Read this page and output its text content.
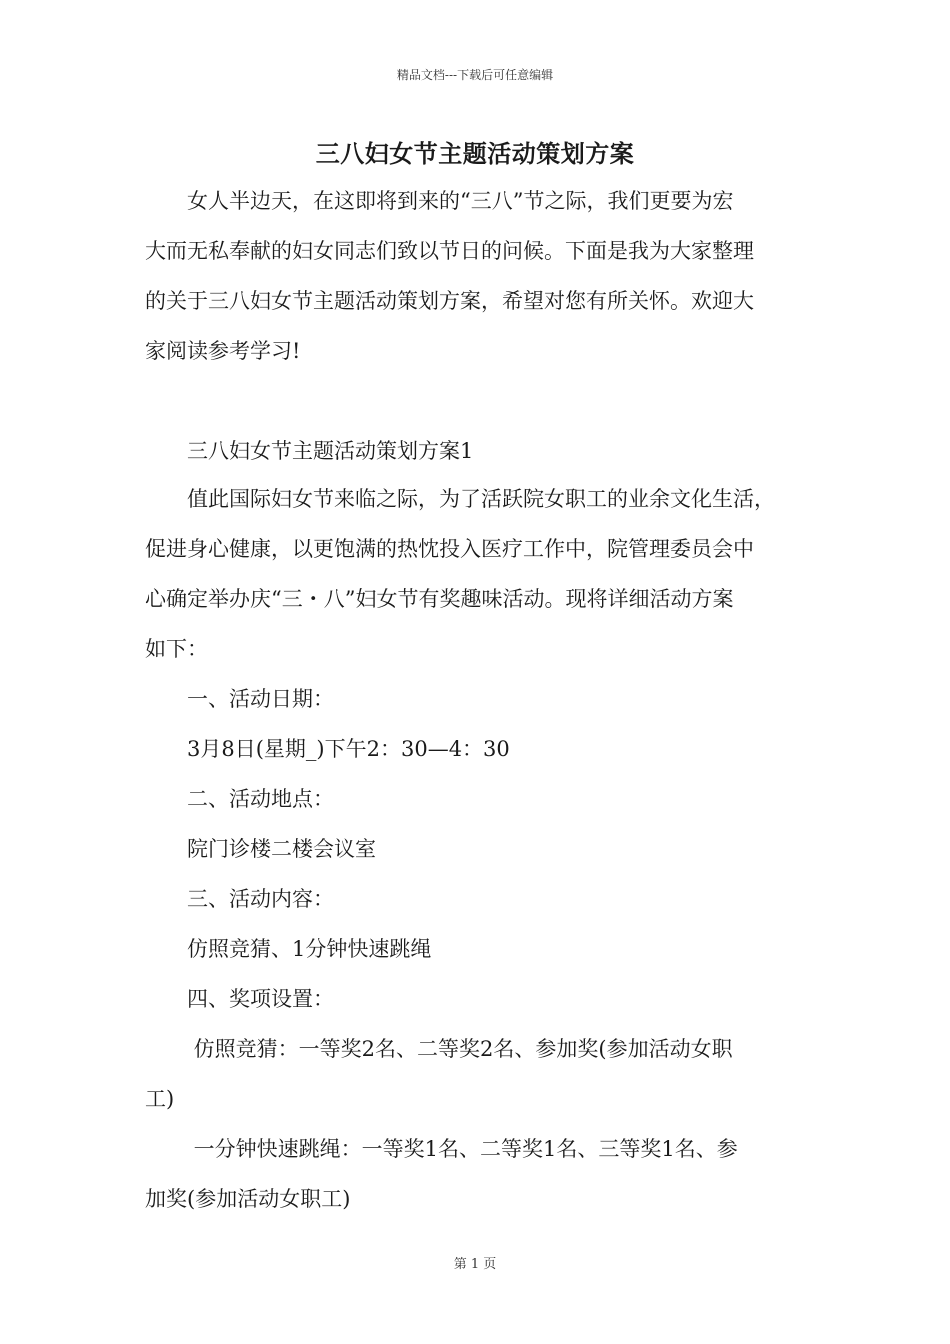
精品文档---下载后可任意编辑
三八妇女节主题活动策划方案
　　女人半边天，在这即将到来的“三八”节之际，我们更要为宏
大而无私奉献的妇女同志们致以节日的问候。下面是我为大家整理
的关于三八妇女节主题活动策划方案，希望对您有所关怀。欢迎大
家阅读参考学习!
　　三八妇女节主题活动策划方案1
　　值此国际妇女节来临之际，为了活跃院女职工的业余文化生活，
促进身心健康，以更饱满的热忱投入医疗工作中，院管理委员会中
心确定举办庆“三・八”妇女节有奖趣味活动。现将详细活动方案
如下：
　　一、活动日期：
　　3月8日(星期_)下午2：30—4：30
　　二、活动地点：
　　院门诊楼二楼会议室
　　三、活动内容：
　　仿照竞猜、1分钟快速跳绳
　　四、奖项设置：
　　 仿照竞猜：一等奖2名、二等奖2名、参加奖(参加活动女职
工)
　　 一分钟快速跳绳：一等奖1名、二等奖1名、三等奖1名、参
加奖(参加活动女职工)
第 1 页
